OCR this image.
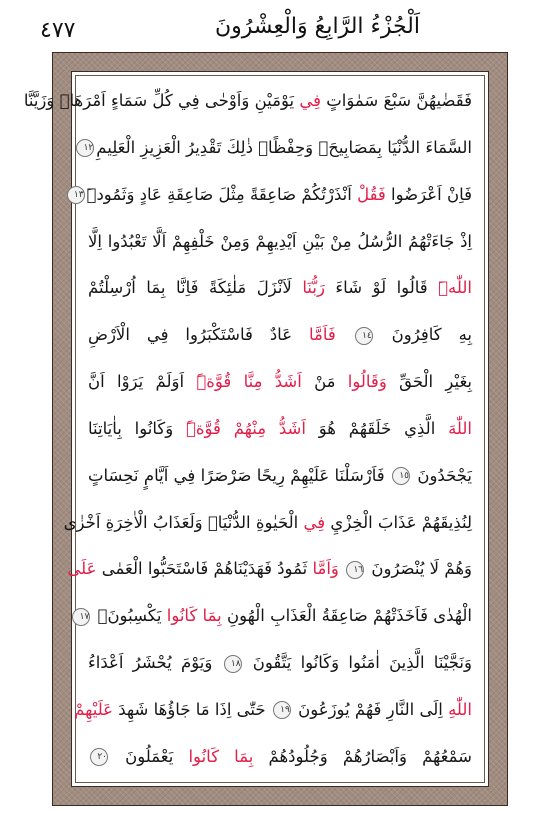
٤٧٧	اَلْجُزْءُ الرَّابِعُ وَالْعِشْرُونَ
فَقَضٰيهُنَّ سَبْعَ سَمٰوَاتٍ فِي يَوْمَيْنِ وَاَوْحٰى فِي كُلِّ سَمَاءٍ اَمْرَهَاۜ وَزَيَّنَّا
السَّمَاءَ الدُّنْيَا بِمَصَابِيحَۗ وَحِفْظًاۜ ذٰلِكَ تَقْدِيرُ الْعَزِيزِ الْعَلِيمِ١٢
فَاِنْ اَعْرَضُوا فَقُلْ اَنْذَرْتُكُمْ صَاعِقَةً مِثْلَ صَاعِقَةِ عَادٍ وَثَمُودَۜ١٣
اِذْ جَاءَتْهُمُ الرُّسُلُ مِنْ بَيْنِ اَيْدِيهِمْ وَمِنْ خَلْفِهِمْ اَلَّا تَعْبُدُوا اِلَّا
اللّٰهَۜ قَالُوا لَوْ شَاءَ رَبُّنَا لَاَنْزَلَ مَلٰئِكَةً فَاِنَّا بِمَا اُرْسِلْتُمْ
بِهِ كَافِرُونَ ١٤ فَاَمَّا عَادٌ فَاسْتَكْبَرُوا فِي الْاَرْضِ
بِغَيْرِ الْحَقِّ وَقَالُوا مَنْ اَشَدُّ مِنَّا قُوَّةًۜ اَوَلَمْ يَرَوْا اَنَّ
اللّٰهَ الَّذِي خَلَقَهُمْ هُوَ اَشَدُّ مِنْهُمْ قُوَّةًۜ وَكَانُوا بِاٰيَاتِنَا
يَجْحَدُونَ ١٥ فَاَرْسَلْنَا عَلَيْهِمْ رِيحًا صَرْصَرًا فِي اَيَّامٍ نَحِسَاتٍ
لِنُذِيقَهُمْ عَذَابَ الْخِزْيِ فِي الْحَيٰوةِ الدُّنْيَاۜ وَلَعَذَابُ الْاٰخِرَةِ اَخْزٰى
وَهُمْ لَا يُنْصَرُونَ ١٦ وَاَمَّا ثَمُودُ فَهَدَيْنَاهُمْ فَاسْتَحَبُّوا الْعَمٰى عَلَى
الْهُدٰى فَاَخَذَتْهُمْ صَاعِقَةُ الْعَذَابِ الْهُونِ بِمَا كَانُوا يَكْسِبُونَۚ ١٧
وَنَجَّيْنَا الَّذِينَ اٰمَنُوا وَكَانُوا يَتَّقُونَ ١٨ وَيَوْمَ يُحْشَرُ اَعْدَاءُ
اللّٰهِ اِلَى النَّارِ فَهُمْ يُوزَعُونَ ١٩ حَتّٰى اِذَا مَا جَاؤُهَا شَهِدَ عَلَيْهِمْ
سَمْعُهُمْ وَاَبْصَارُهُمْ وَجُلُودُهُمْ بِمَا كَانُوا يَعْمَلُونَ ٢٠
